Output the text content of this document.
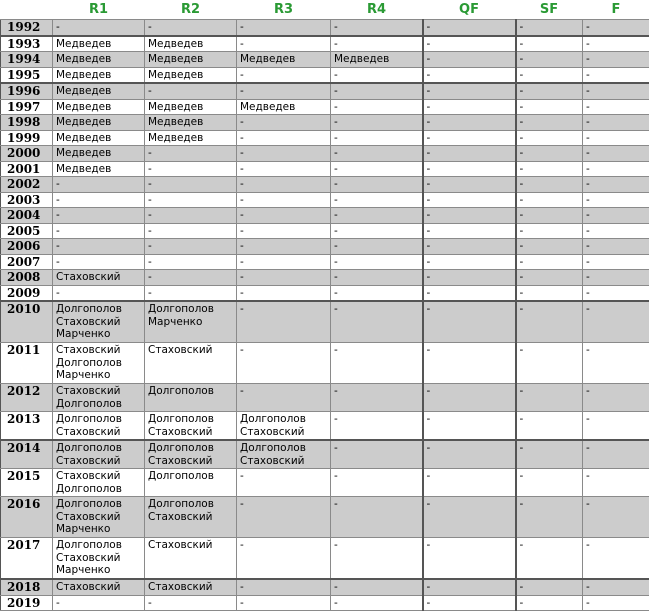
	R1	R2	R3	R4	QF	SF	F
1992	-	-	-	-	-	-	-

1993	Медведев	Медведев	-	-	-	-	-

1994	Медведев	Медведев	Медведев	Медведев	-	-	-

1995	Медведев	Медведев	-	-	-	-	-

1996	Медведев	-	-	-	-	-	-

1997	Медведев	Медведев	Медведев	-	-	-	-

1998	Медведев	Медведев	-	-	-	-	-

1999	Медведев	Медведев	-	-	-	-	-

2000	Медведев	-	-	-	-	-	-

2001	Медведев	-	-	-	-	-	-

2002	-	-	-	-	-	-	-

2003	-	-	-	-	-	-	-

2004	-	-	-	-	-	-	-

2005	-	-	-	-	-	-	-

2006	-	-	-	-	-	-	-

2007	-	-	-	-	-	-	-

2008	Стаховский	-	-	-	-	-	-

2009	-	-	-	-	-	-	-

2010	Долгополов
Стаховский
Марченко	Долгополов
Марченко	-	-	-	-	-

2011	Стаховский
Долгополов
Марченко	Стаховский	-	-	-	-	-

2012	Стаховский
Долгополов	Долгополов	-	-	-	-	-

2013	Долгополов
Стаховский	Долгополов
Стаховский	Долгополов
Стаховский	-	-	-	-

2014	Долгополов
Стаховский	Долгополов
Стаховский	Долгополов
Стаховский	-	-	-	-

2015	Стаховский
Долгополов	Долгополов	-	-	-	-	-

2016	Долгополов
Стаховский
Марченко	Долгополов
Стаховский	-	-	-	-	-

2017	Долгополов
Стаховский
Марченко	Стаховский	-	-	-	-	-

2018	Стаховский	Стаховский	-	-	-	-	-

2019	-	-	-	-	-	-	-
